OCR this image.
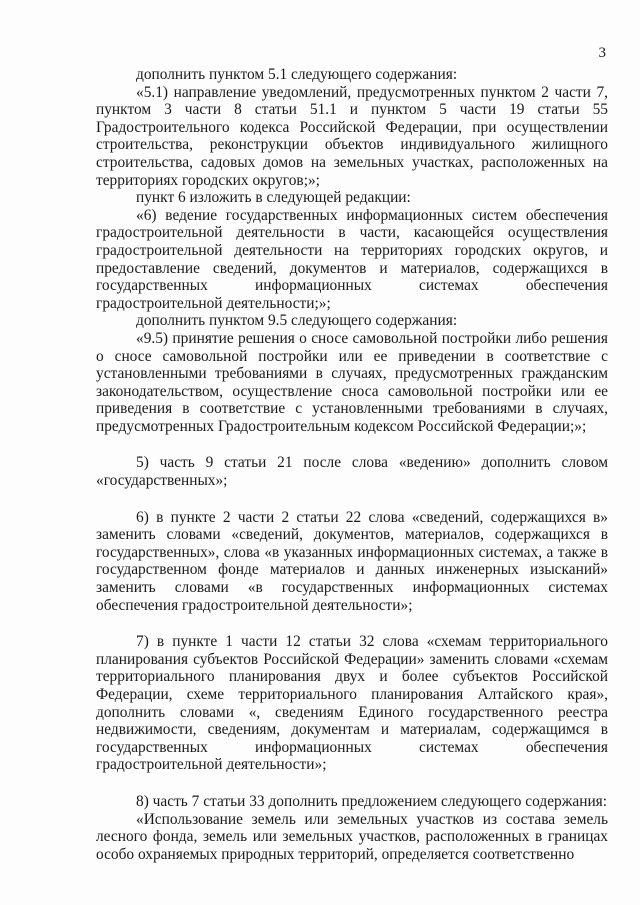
3

дополнить пунктом 5.1 следующего содержания:

«5.1) направление уведомлений, предусмотренных пунктом 2 части 7, пунктом 3 части 8 статьи 51.1 и пунктом 5 части 19 статьи 55 Градостроительного кодекса Российской Федерации, при осуществлении строительства, реконструкции объектов индивидуального жилищного строительства, садовых домов на земельных участках, расположенных на территориях городских округов;»;

пункт 6 изложить в следующей редакции:

«6) ведение государственных информационных систем обеспечения градостроительной деятельности в части, касающейся осуществления градостроительной деятельности на территориях городских округов, и предоставление сведений, документов и материалов, содержащихся в государственных информационных системах обеспечения градостроительной деятельности;»;

дополнить пунктом 9.5 следующего содержания:

«9.5) принятие решения о сносе самовольной постройки либо решения о сносе самовольной постройки или ее приведении в соответствие с установленными требованиями в случаях, предусмотренных гражданским законодательством, осуществление сноса самовольной постройки или ее приведения в соответствие с установленными требованиями в случаях, предусмотренных Градостроительным кодексом Российской Федерации;»;

5) часть 9 статьи 21 после слова «ведению» дополнить словом «государственных»;

6) в пункте 2 части 2 статьи 22 слова «сведений, содержащихся в» заменить словами «сведений, документов, материалов, содержащихся в государственных», слова «в указанных информационных системах, а также в государственном фонде материалов и данных инженерных изысканий» заменить словами «в государственных информационных системах обеспечения градостроительной деятельности»;

7) в пункте 1 части 12 статьи 32 слова «схемам территориального планирования субъектов Российской Федерации» заменить словами «схемам территориального планирования двух и более субъектов Российской Федерации, схеме территориального планирования Алтайского края», дополнить словами «, сведениям Единого государственного реестра недвижимости, сведениям, документам и материалам, содержащимся в государственных информационных системах обеспечения градостроительной деятельности»;

8) часть 7 статьи 33 дополнить предложением следующего содержания:

«Использование земель или земельных участков из состава земель лесного фонда, земель или земельных участков, расположенных в границах особо охраняемых природных территорий, определяется соответственно
